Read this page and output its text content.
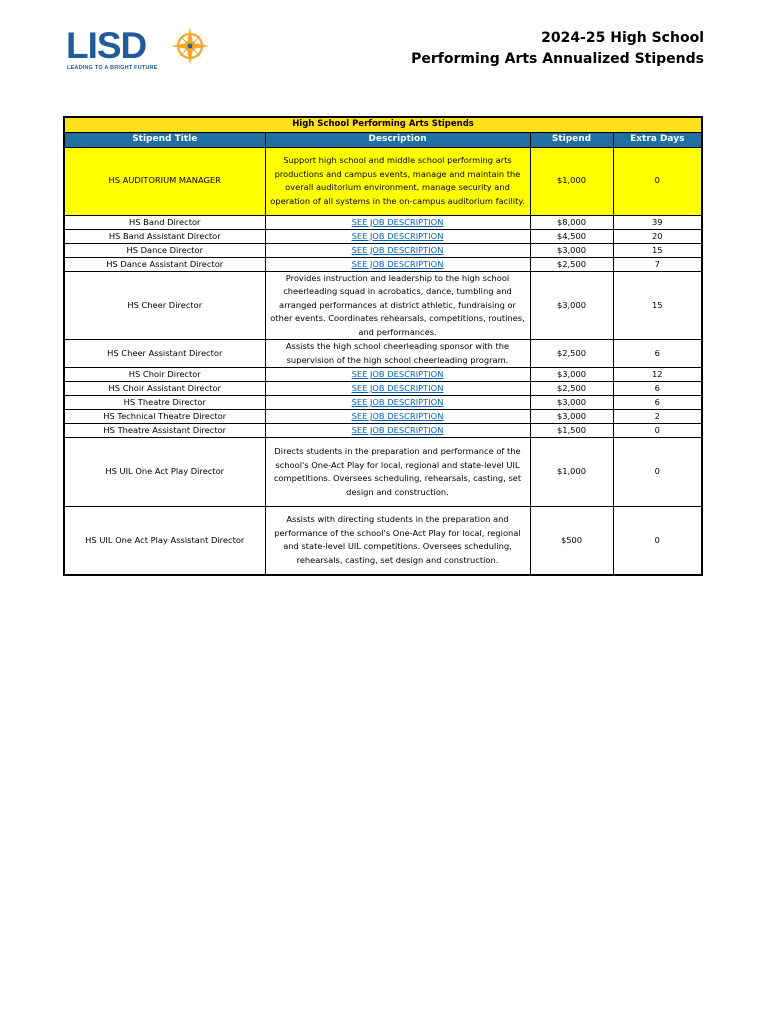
LISD
LEADING TO A BRIGHT FUTURE
2024-25 High School
Performing Arts Annualized Stipends
High School Performing Arts Stipends			
Stipend Title	Description	Stipend	Extra Days
HS AUDITORIUM MANAGER	Support high school and middle school performing arts productions and campus events, manage and maintain the overall auditorium environment, manage security and operation of all systems in the on-campus auditorium facility.	$1,000	0
HS Band Director	SEE JOB DESCRIPTION	$8,000	39
HS Band Assistant Director	SEE JOB DESCRIPTION	$4,500	20
HS Dance Director	SEE JOB DESCRIPTION	$3,000	15
HS Dance Assistant Director	SEE JOB DESCRIPTION	$2,500	7
HS Cheer Director	Provides instruction and leadership to the high school cheerleading squad in acrobatics, dance, tumbling and arranged performances at district athletic, fundraising or other events. Coordinates rehearsals, competitions, routines, and performances.	$3,000	15
HS Cheer Assistant Director	Assists the high school cheerleading sponsor with the supervision of the high school cheerleading program.	$2,500	6
HS Choir Director	SEE JOB DESCRIPTION	$3,000	12
HS Choir Assistant Director	SEE JOB DESCRIPTION	$2,500	6
HS Theatre Director	SEE JOB DESCRIPTION	$3,000	6
HS Technical Theatre Director	SEE JOB DESCRIPTION	$3,000	2
HS Theatre Assistant Director	SEE JOB DESCRIPTION	$1,500	0
HS UIL One Act Play Director	Directs students in the preparation and performance of the school's One-Act Play for local, regional and state-level UIL competitions. Oversees scheduling, rehearsals, casting, set design and construction.	$1,000	0
HS UIL One Act Play Assistant Director	Assists with directing students in the preparation and performance of the school's One-Act Play for local, regional and state-level UIL competitions. Oversees scheduling, rehearsals, casting, set design and construction.	$500	0
